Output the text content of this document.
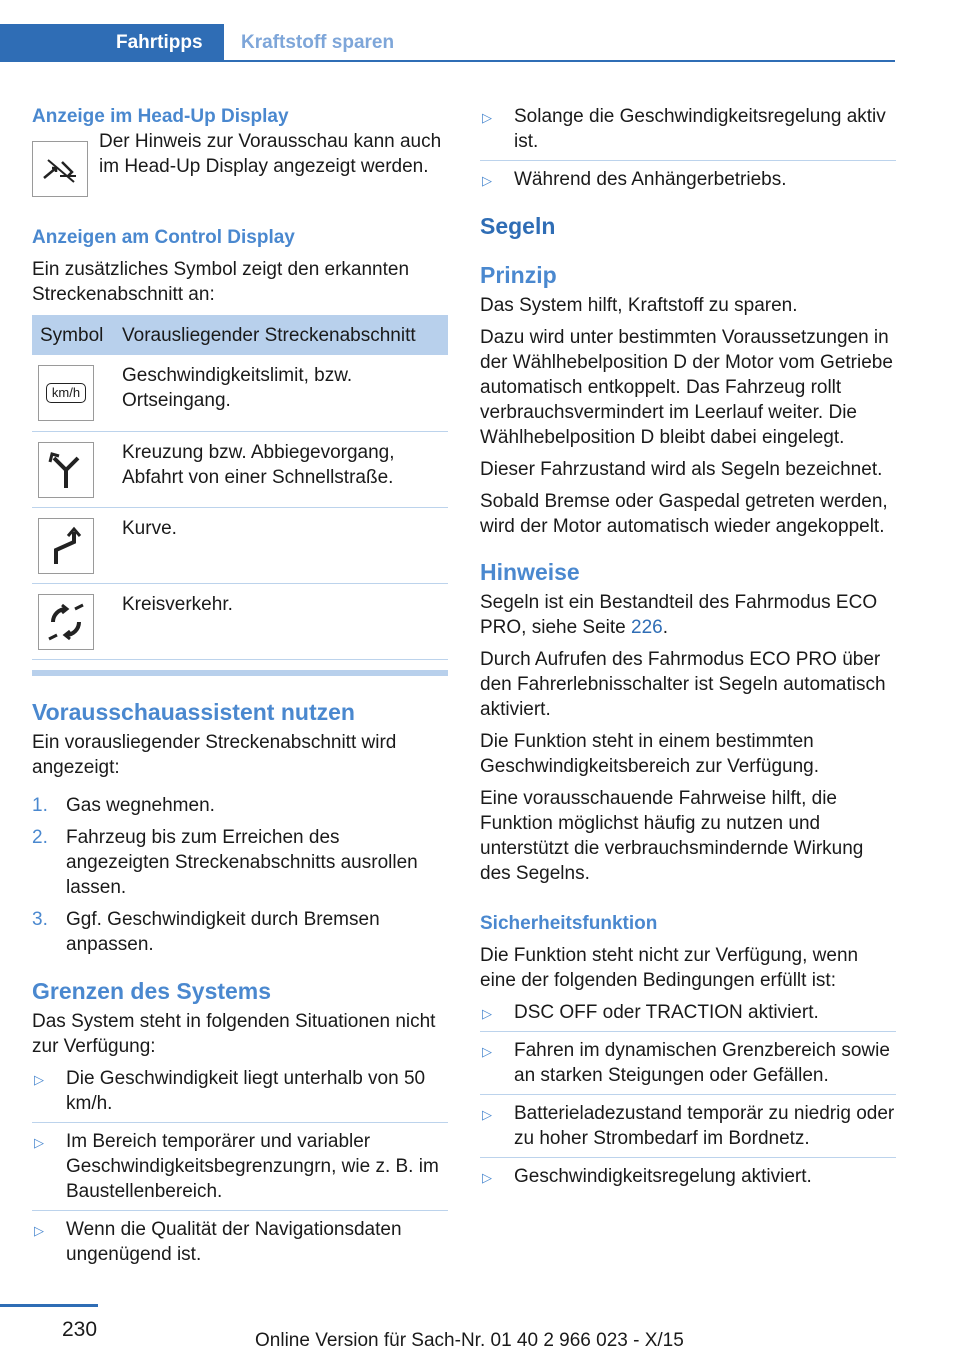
Fahrtipps	Kraftstoff sparen
Anzeige im Head-Up Display

Der Hinweis zur Vorausschau kann auch im Head-Up Display angezeigt werden.

Anzeigen am Control Display

Ein zusätzliches Symbol zeigt den erkannten Streckenabschnitt an:

Symbol	Vorausliegender Streckenabschnitt

km/h	Geschwindigkeitslimit, bzw. Ortseingang.

	Kreuzung bzw. Abbiegevorgang, Abfahrt von einer Schnellstraße.

	Kurve.

	Kreisverkehr.
Vorausschauassistent nutzen

Ein vorausliegender Streckenabschnitt wird angezeigt:

1. Gas wegnehmen.
2. Fahrzeug bis zum Erreichen des angezeigten Streckenabschnitts ausrollen lassen.
3. Ggf. Geschwindigkeit durch Bremsen anpassen.
Grenzen des Systems

Das System steht in folgenden Situationen nicht zur Verfügung:

▷ Die Geschwindigkeit liegt unterhalb von 50 km/h.
▷ Im Bereich temporärer und variabler Geschwindigkeitsbegrenzungrn, wie z. B. im Baustellenbereich.
▷ Wenn die Qualität der Navigationsdaten ungenügend ist.
▷ Solange die Geschwindigkeitsregelung aktiv ist.
▷ Während des Anhängerbetriebs.
Segeln
Prinzip

Das System hilft, Kraftstoff zu sparen.

Dazu wird unter bestimmten Voraussetzungen in der Wählhebelposition D der Motor vom Getriebe automatisch entkoppelt. Das Fahrzeug rollt verbrauchsvermindert im Leerlauf weiter. Die Wählhebelposition D bleibt dabei eingelegt.

Dieser Fahrzustand wird als Segeln bezeichnet.

Sobald Bremse oder Gaspedal getreten werden, wird der Motor automatisch wieder angekoppelt.

Hinweise

Segeln ist ein Bestandteil des Fahrmodus ECO PRO, siehe Seite 226.

Durch Aufrufen des Fahrmodus ECO PRO über den Fahrerlebnisschalter ist Segeln automatisch aktiviert.

Die Funktion steht in einem bestimmten Geschwindigkeitsbereich zur Verfügung.

Eine vorausschauende Fahrweise hilft, die Funktion möglichst häufig zu nutzen und unterstützt die verbrauchsmindernde Wirkung des Segelns.

Sicherheitsfunktion

Die Funktion steht nicht zur Verfügung, wenn eine der folgenden Bedingungen erfüllt ist:

▷ DSC OFF oder TRACTION aktiviert.
▷ Fahren im dynamischen Grenzbereich sowie an starken Steigungen oder Gefällen.
▷ Batterieladezustand temporär zu niedrig oder zu hoher Strombedarf im Bordnetz.
▷ Geschwindigkeitsregelung aktiviert.
230	Online Version für Sach-Nr. 01 40 2 966 023 - X/15
